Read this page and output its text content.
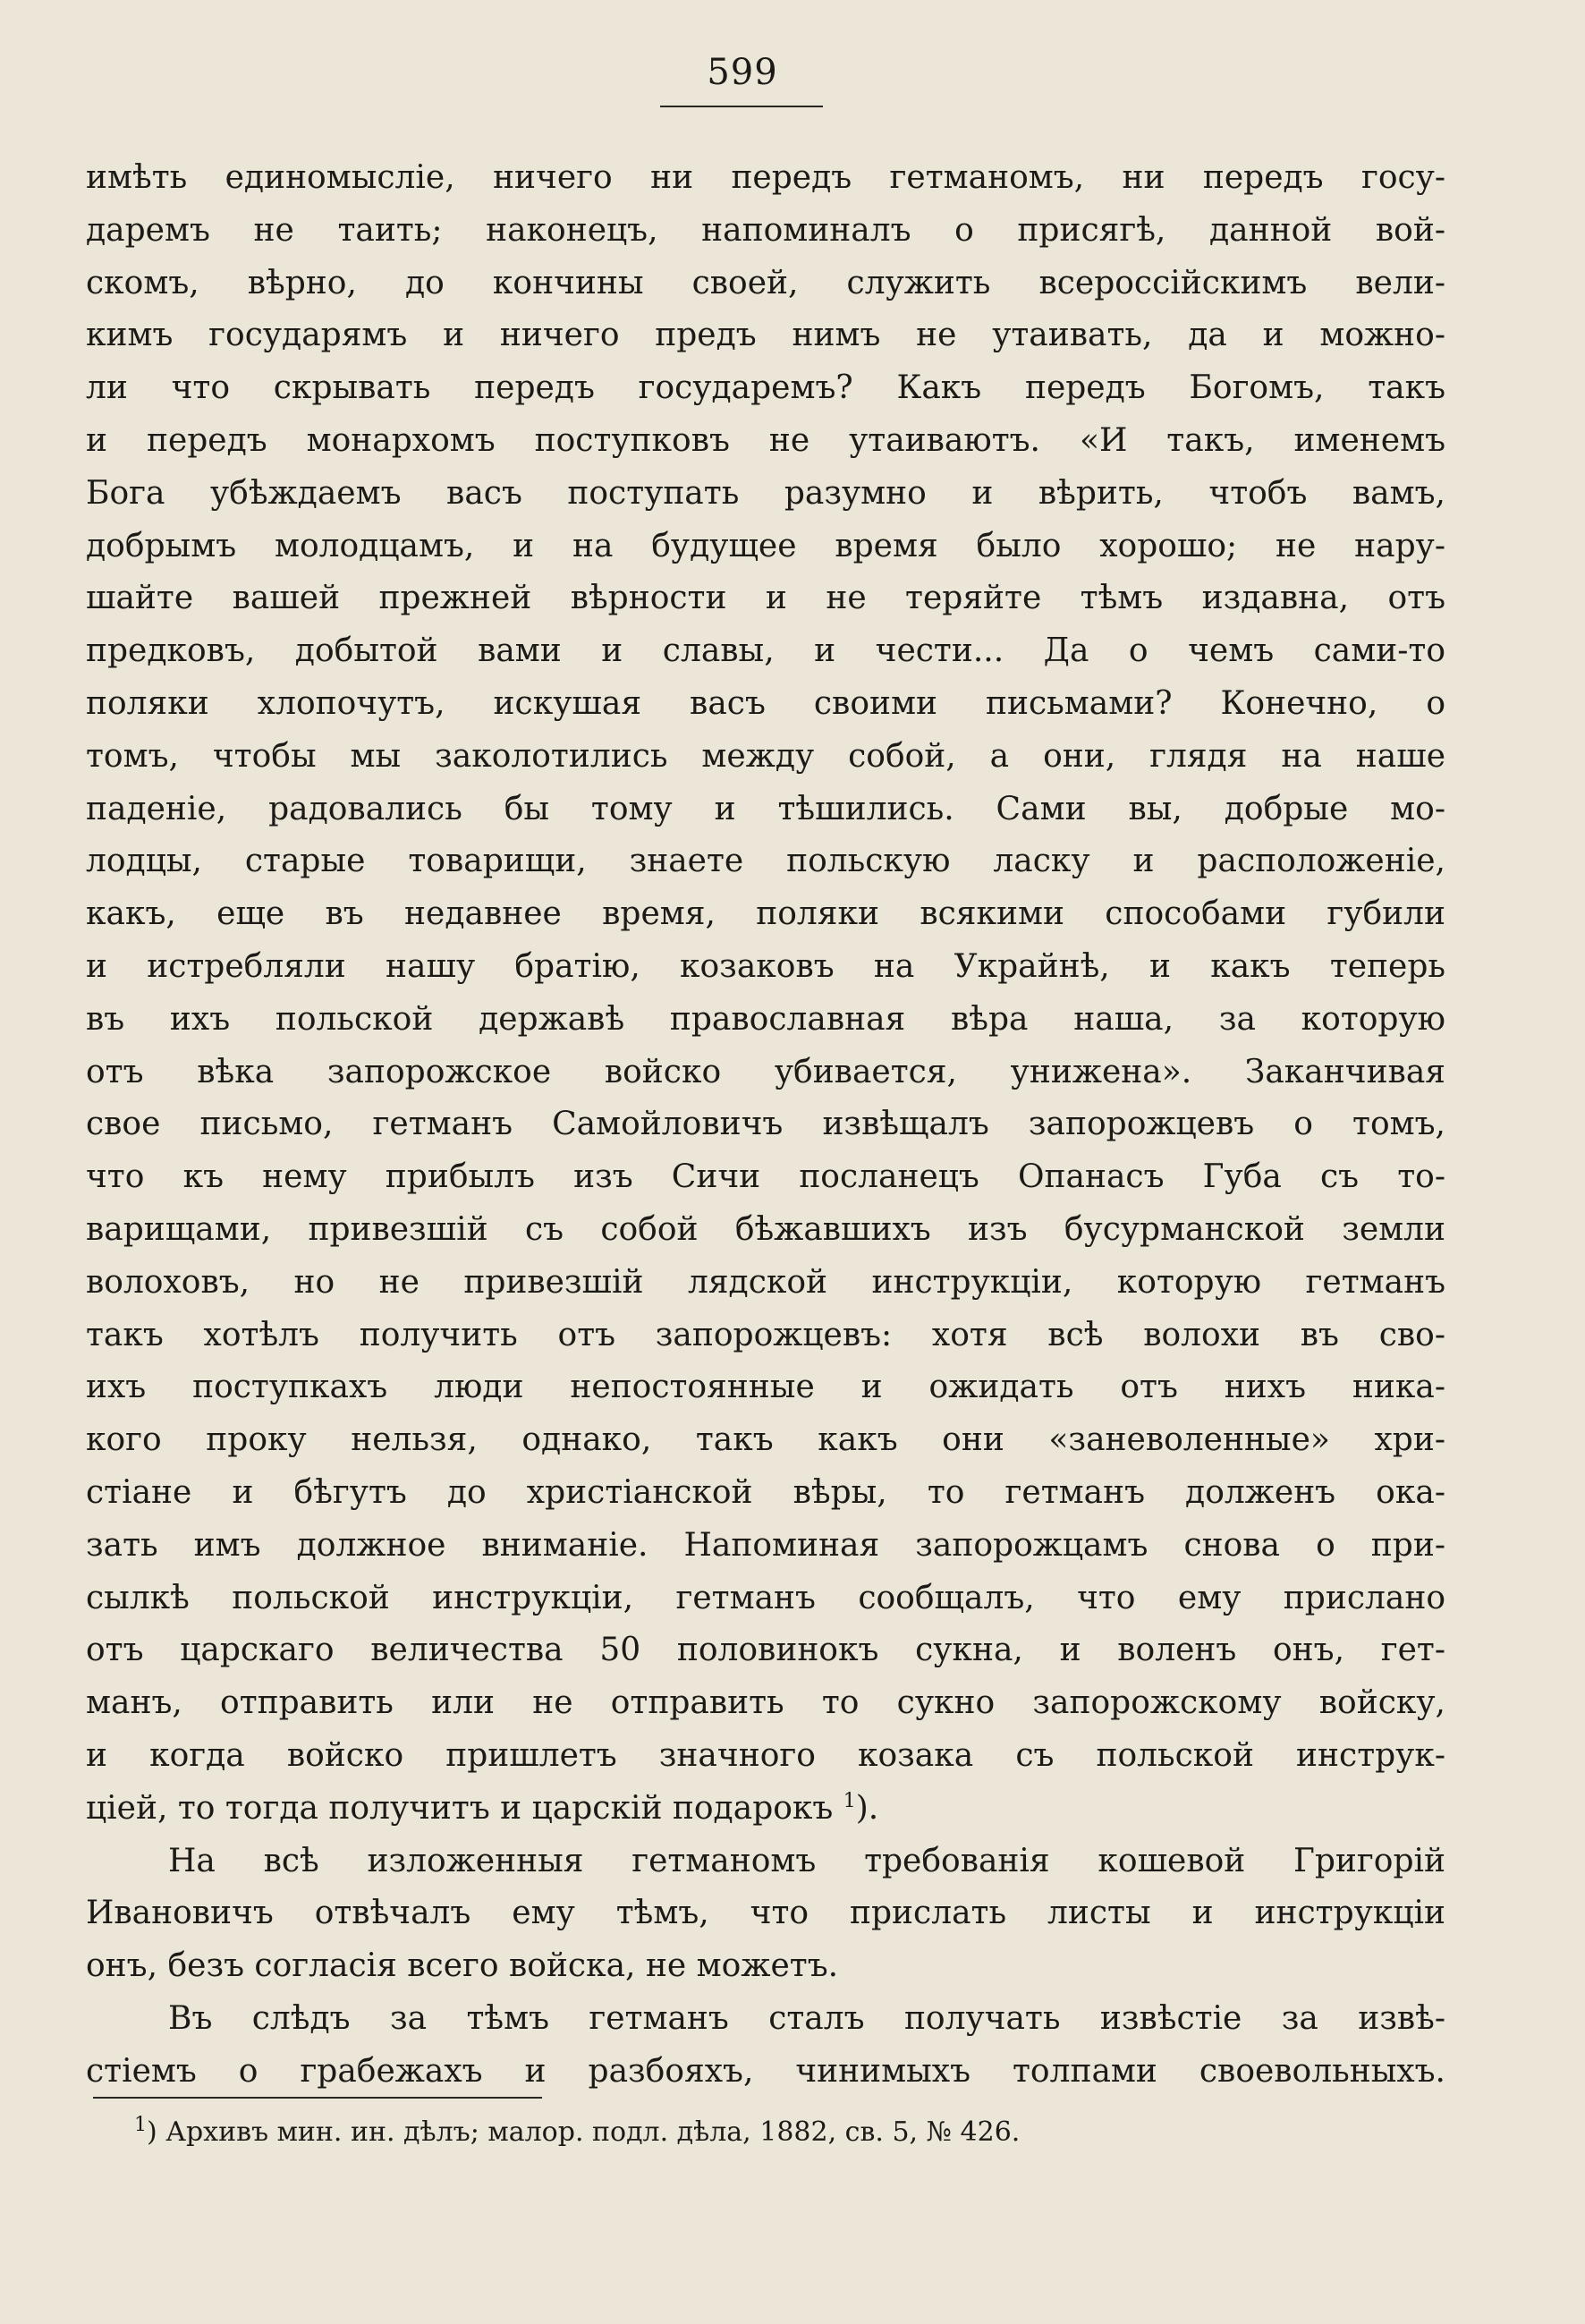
599
имѣть единомысліе, ничего ни передъ гетманомъ, ни передъ госу-
даремъ не таить; наконецъ, напоминалъ о присягѣ, данной вой-
скомъ, вѣрно, до кончины своей, служить всероссійскимъ вели-
кимъ государямъ и ничего предъ нимъ не утаивать, да и можно-
ли что скрывать передъ государемъ? Какъ передъ Богомъ, такъ
и передъ монархомъ поступковъ не утаиваютъ. «И такъ, именемъ
Бога убѣждаемъ васъ поступать разумно и вѣрить, чтобъ вамъ,
добрымъ молодцамъ, и на будущее время было хорошо; не нару-
шайте вашей прежней вѣрности и не теряйте тѣмъ издавна, отъ
предковъ, добытой вами и славы, и чести... Да о чемъ сами-то
поляки хлопочутъ, искушая васъ своими письмами? Конечно, о
томъ, чтобы мы заколотились между собой, а они, глядя на наше
паденіе, радовались бы тому и тѣшились. Сами вы, добрые мо-
лодцы, старые товарищи, знаете польскую ласку и расположеніе,
какъ, еще въ недавнее время, поляки всякими способами губили
и истребляли нашу братію, козаковъ на Украйнѣ, и какъ теперь
въ ихъ польской державѣ православная вѣра наша, за которую
отъ вѣка запорожское войско убивается, унижена». Заканчивая
свое письмо, гетманъ Самойловичъ извѣщалъ запорожцевъ о томъ,
что къ нему прибылъ изъ Сичи посланецъ Опанасъ Губа съ то-
варищами, привезшій съ собой бѣжавшихъ изъ бусурманской земли
волоховъ, но не привезшій лядской инструкціи, которую гетманъ
такъ хотѣлъ получить отъ запорожцевъ: хотя всѣ волохи въ сво-
ихъ поступкахъ люди непостоянные и ожидать отъ нихъ никa-
кого проку нельзя, однако, такъ какъ они «заневоленные» хри-
стіане и бѣгутъ до христіанской вѣры, то гетманъ долженъ ока-
зать имъ должное вниманіе. Напоминая запорожцамъ снова о при-
сылкѣ польской инструкціи, гетманъ сообщалъ, что ему прислано
отъ царскаго величества 50 половинокъ сукна, и воленъ онъ, гет-
манъ, отправить или не отправить то сукно запорожскому войску,
и когда войско пришлетъ значного козака съ польской инструк-
ціей, то тогда получитъ и царскій подарокъ $^1$).
На всѣ изложенныя гетманомъ требованія кошевой Григорій
Ивановичъ отвѣчалъ ему тѣмъ, что прислать листы и инструкціи
онъ, безъ согласія всего войска, не можетъ.
Въ слѣдъ за тѣмъ гетманъ сталъ получать извѣстіе за извѣ-
стіемъ о грабежахъ и разбояхъ, чинимыхъ толпами своевольныхъ.
$^1$) Архивъ мин. ин. дѣлъ; малор. подл. дѣла, 1882, св. 5, № 426.
